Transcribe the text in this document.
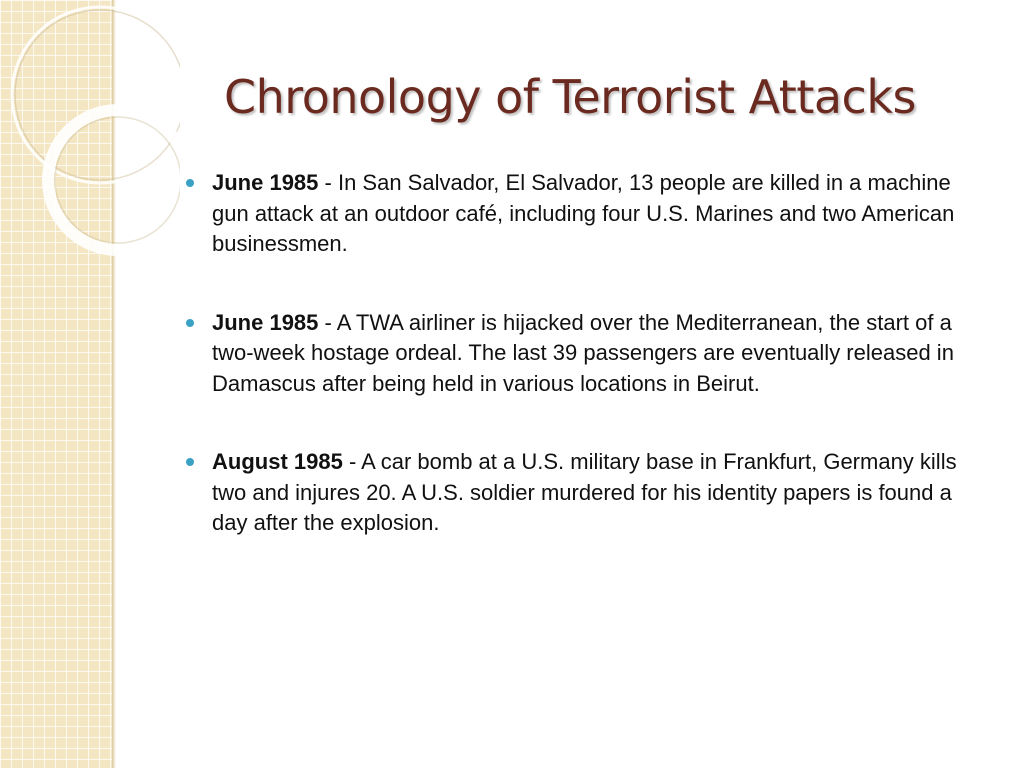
Chronology of Terrorist Attacks
June 1985 - In San Salvador, El Salvador, 13 people are killed in a machine gun attack at an outdoor café, including four U.S. Marines and two American businessmen.
June 1985 - A TWA airliner is hijacked over the Mediterranean, the start of a two-week hostage ordeal. The last 39 passengers are eventually released in Damascus after being held in various locations in Beirut.
August 1985 - A car bomb at a U.S. military base in Frankfurt, Germany kills two and injures 20. A U.S. soldier murdered for his identity papers is found a day after the explosion.
